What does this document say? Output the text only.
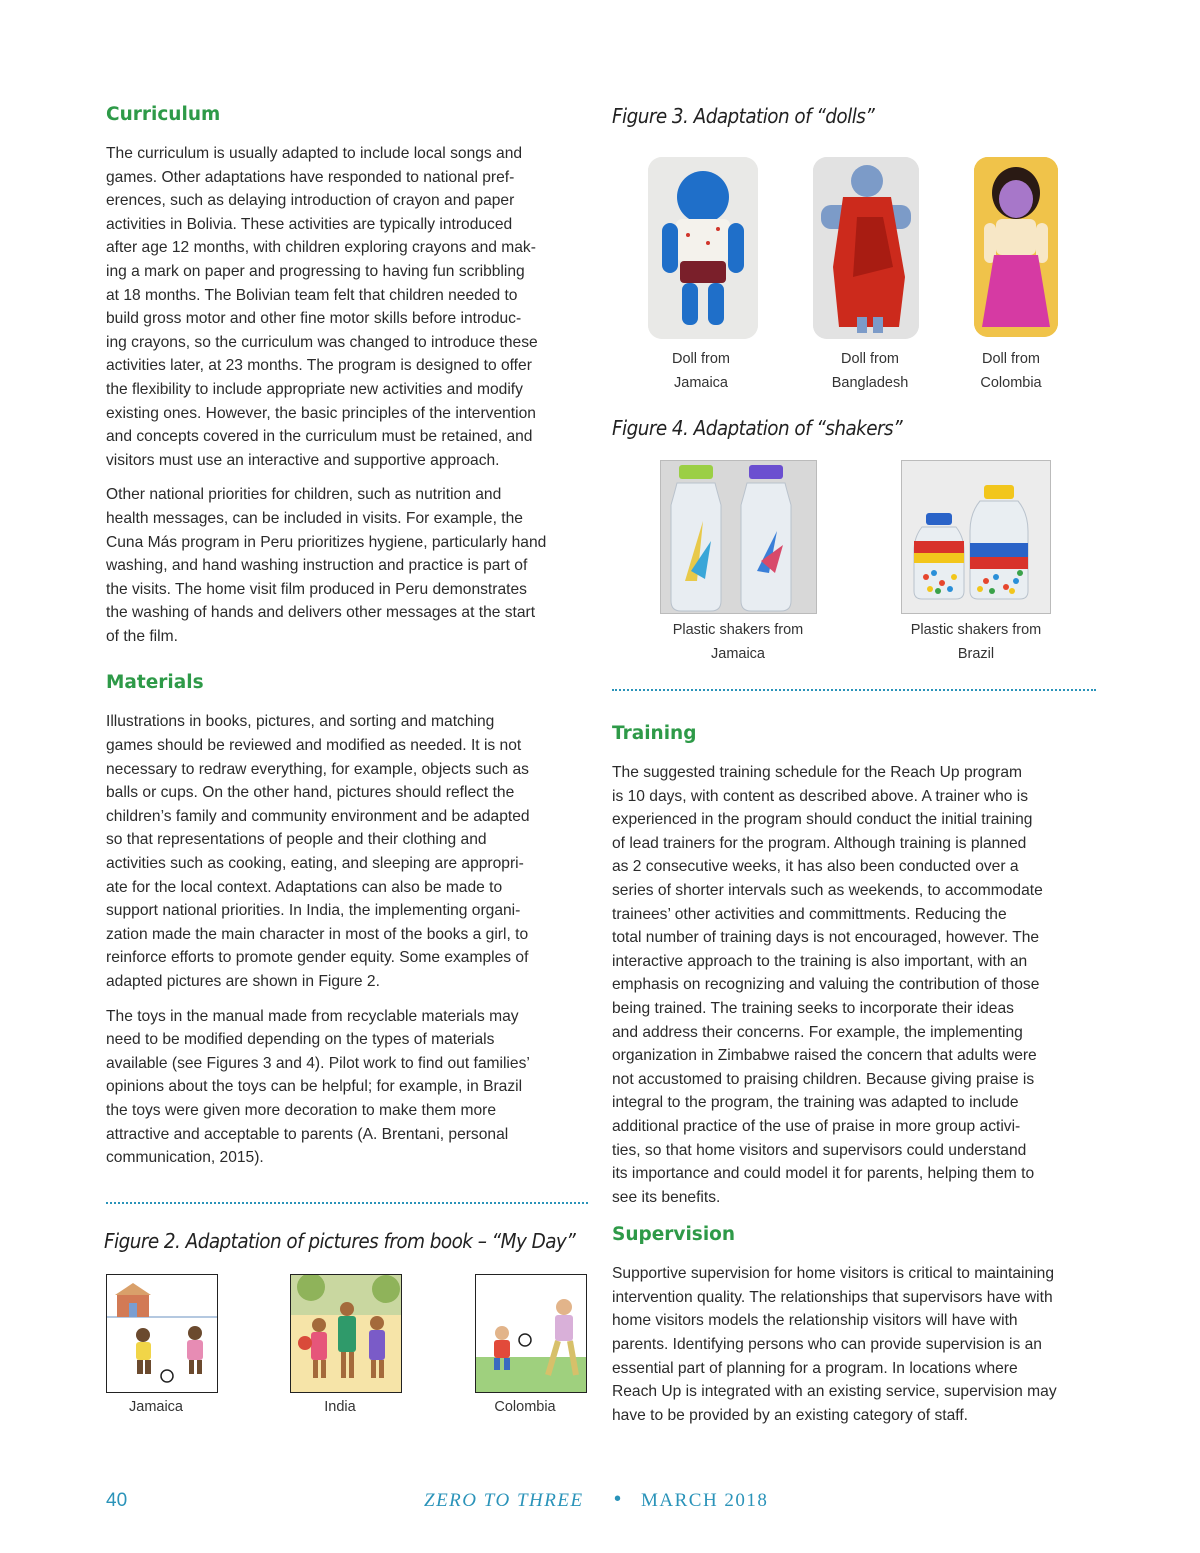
Curriculum

The curriculum is usually adapted to include local songs and
games. Other adaptations have responded to national pref-
erences, such as delaying introduction of crayon and paper
activities in Bolivia. These activities are typically introduced
after age 12 months, with children exploring crayons and mak-
ing a mark on paper and progressing to having fun scribbling
at 18 months. The Bolivian team felt that children needed to
build gross motor and other fine motor skills before introduc-
ing crayons, so the curriculum was changed to introduce these
activities later, at 23 months. The program is designed to offer
the flexibility to include appropriate new activities and modify
existing ones. However, the basic principles of the intervention
and concepts covered in the curriculum must be retained, and
visitors must use an interactive and supportive approach.

Other national priorities for children, such as nutrition and
health messages, can be included in visits. For example, the
Cuna Más program in Peru prioritizes hygiene, particularly hand
washing, and hand washing instruction and practice is part of
the visits. The home visit film produced in Peru demonstrates
the washing of hands and delivers other messages at the start
of the film.

Materials

Illustrations in books, pictures, and sorting and matching
games should be reviewed and modified as needed. It is not
necessary to redraw everything, for example, objects such as
balls or cups. On the other hand, pictures should reflect the
children’s family and community environment and be adapted
so that representations of people and their clothing and
activities such as cooking, eating, and sleeping are appropri-
ate for the local context. Adaptations can also be made to
support national priorities. In India, the implementing organi-
zation made the main character in most of the books a girl, to
reinforce efforts to promote gender equity. Some examples of
adapted pictures are shown in Figure 2.

The toys in the manual made from recyclable materials may
need to be modified depending on the types of materials
available (see Figures 3 and 4). Pilot work to find out families’
opinions about the toys can be helpful; for example, in Brazil
the toys were given more decoration to make them more
attractive and acceptable to parents (A. Brentani, personal
communication, 2015).

Figure 2. Adaptation of pictures from book – “My Day”
Jamaica	India	Colombia
Figure 3. Adaptation of “dolls”
Doll from
Jamaica
Doll from
Bangladesh
Doll from
Colombia
Figure 4. Adaptation of “shakers”
Plastic shakers from
Jamaica
Plastic shakers from
Brazil
Training

The suggested training schedule for the Reach Up program
is 10 days, with content as described above. A trainer who is
experienced in the program should conduct the initial training
of lead trainers for the program. Although training is planned
as 2 consecutive weeks, it has also been conducted over a
series of shorter intervals such as weekends, to accommodate
trainees’ other activities and committments. Reducing the
total number of training days is not encouraged, however. The
interactive approach to the training is also important, with an
emphasis on recognizing and valuing the contribution of those
being trained. The training seeks to incorporate their ideas
and address their concerns. For example, the implementing
organization in Zimbabwe raised the concern that adults were
not accustomed to praising children. Because giving praise is
integral to the program, the training was adapted to include
additional practice of the use of praise in more group activi-
ties, so that home visitors and supervisors could understand
its importance and could model it for parents, helping them to
see its benefits.

Supervision

Supportive supervision for home visitors is critical to maintaining
intervention quality. The relationships that supervisors have with
home visitors models the relationship visitors will have with
parents. Identifying persons who can provide supervision is an
essential part of planning for a program. In locations where
Reach Up is integrated with an existing service, supervision may
have to be provided by an existing category of staff.

40	ZERO TO THREE • MARCH 2018
